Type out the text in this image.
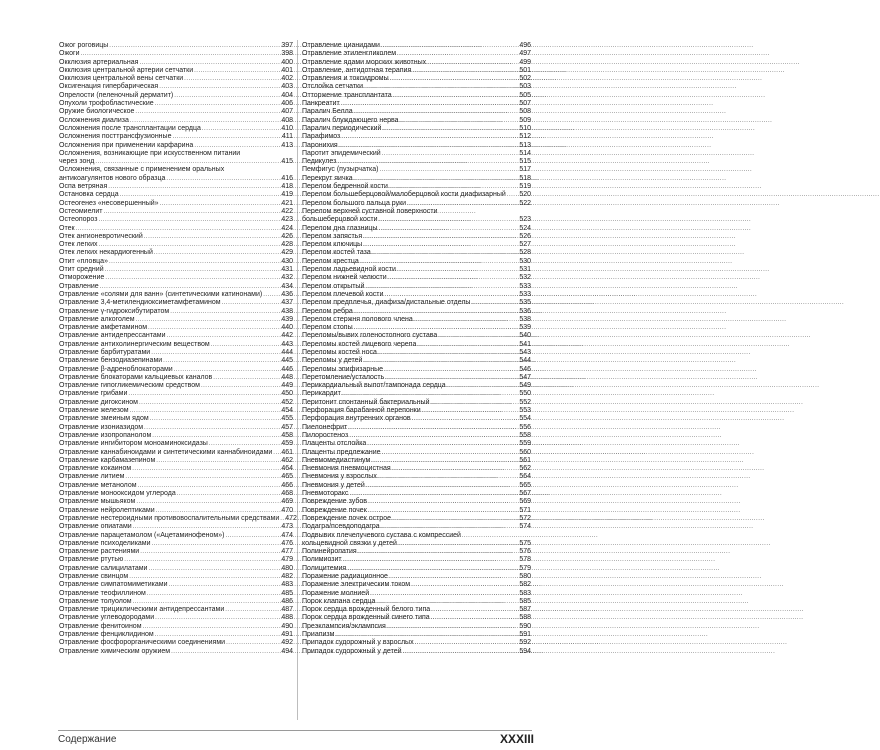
Ожог роговицы .....	397
Ожоги .....	398
Окклюзия артериальная .....	400
Окклюзия центральной артерии сетчатки .....	401
Окклюзия центральной вены сетчатки .....	402
Оксигенация гипербарическая .....	403
Опрелости (пеленочный дерматит) .....	404
Опухоли трофобластические .....	406
Оружие биологическое .....	407
Осложнения диализа .....	408
Осложнения после трансплантации сердца .....	410
Осложнения посттрансфузионные .....	411
Осложнения при применении карфарина .....	413
Осложнения, возникающие при искусственном питании
через зонд .....	415
Осложнения, связанные с применением оральных
антикоагулянтов нового образца .....	416
Оспа ветряная .....	418
Остановка сердца .....	419
Остеогенез «несовершенный» .....	421
Остеомиелит .....	422
Остеопороз .....	423
Отек .....	424
Отек ангионевротический .....	426
Отек легких .....	428
Отек легких некардиогенный .....	429
Отит «пловца» .....	430
Отит средний .....	431
Отморожение .....	432
Отравление .....	434
Отравление «солями для ванн» (синтетическими катинонами) .....	436
Отравление 3,4-метилендиоксиметамфетамином .....	437
Отравление γ-гидроксибутиратом .....	438
Отравление алкоголем .....	439
Отравление амфетамином .....	440
Отравление антидепрессантами .....	442
Отравление антихолинергическим веществом .....	443
Отравление барбитуратами .....	444
Отравление бензодиазепинами .....	445
Отравление β-адреноблокаторами .....	446
Отравление блокаторами кальциевых каналов .....	448
Отравление гипогликемическим средством .....	449
Отравление грибами .....	450
Отравление дигоксином .....	452
Отравление железом .....	454
Отравление змеиным ядом .....	455
Отравление изониазидом .....	457
Отравление изопропанолом .....	458
Отравление ингибитором моноаминоксидазы .....	459
Отравление каннабиноидами и синтетическими каннабиноидами ..... 461
Отравление карбамазепином .....	462
Отравление кокаином .....	464
Отравление литием .....	465
Отравление метанолом .....	466
Отравление монооксидом углерода .....	468
Отравление мышьяком .....	469
Отравление нейролептиками .....	470
Отравление нестероидными противовоспалительными средствами ..... 472
Отравление опиатами .....	473
Отравление парацетамолом («Ацетаминофеном») .....	474
Отравление психоделиками .....	476
Отравление растениями .....	477
Отравление ртутью .....	479
Отравление салицилатами .....	480
Отравление свинцом .....	482
Отравление симпатомиметиками .....	483
Отравление теофиллином .....	485
Отравление толуолом .....	486
Отравление трициклическими антидепрессантами .....	487
Отравление углеводородами .....	488
Отравление фенитоином .....	490
Отравление фенциклидином .....	491
Отравление фосфорорганическими соединениями .....	492
Отравление химическим оружием .....	494
Отравление цианидами .....	496
Отравление этиленгликолем .....	497
Отравление ядами морских животных .....	499
Отравление, антидотная терапия .....	501
Отравления и токсидромы .....	502
Отслойка сетчатки .....	503
Отторжение трансплантата .....	505
Панкреатит .....	507
Паралич Белла .....	508
Паралич блуждающего нерва .....	509
Паралич периодический .....	510
Парафимоз .....	512
Паронихия .....	513
Паротит эпидемический .....	514
Педикулез .....	515
Пемфигус (пузырчатка) .....	517
Перекрут яичка .....	518
Перелом бедренной кости .....	519
Перелом большеберцовой/малоберцовой кости диафизарный ..... 520
Перелом большого пальца руки .....	522
Перелом верхней суставной поверхности
большеберцовой кости .....	523
Перелом дна глазницы .....	524
Перелом запястья .....	526
Перелом ключицы .....	527
Перелом костей таза .....	528
Перелом крестца .....	530
Перелом ладьевидной кости .....	531
Перелом нижней челюсти .....	532
Перелом открытый .....	533
Перелом плечевой кости .....	533
Перелом предплечья, диафиза/дистальные отделы .....	535
Перелом ребра .....	536
Перелом стержня полового члена .....	538
Перелом стопы .....	539
Переломы/вывих голеностопного сустава .....	540
Переломы костей лицевого черепа .....	541
Переломы костей носа .....	543
Переломы у детей .....	544
Переломы эпифизарные .....	546
Перетомление/усталость .....	547
Перикардиальный выпот/тампонада сердца .....	549
Перикардит .....	550
Перитонит спонтанный бактериальный .....	552
Перфорация барабанной перепонки .....	553
Перфорация внутренних органов .....	554
Пиелонефрит .....	556
Пилоростеноз .....	558
Плаценты отслойка .....	559
Плаценты предлежание .....	560
Пневмомедиастинум .....	561
Пневмония пневмоцистная .....	562
Пневмония у взрослых .....	564
Пневмония у детей .....	565
Пневмоторакс .....	567
Повреждение зубов .....	569
Повреждение почек .....	571
Повреждение почек острое .....	572
Подагра/псевдоподагра .....	574
Подвывих плечелучевого сустава с компрессией
кольцевидной связки у детей .....	575
Полинейропатия .....	576
Полимиозит .....	578
Полицитемия .....	579
Поражение радиационное .....	580
Поражение электрическим током .....	582
Поражение молнией .....	583
Порок клапана сердца .....	585
Порок сердца врожденный белого типа .....	587
Порок сердца врожденный синего типа .....	588
Преэклампсия/эклампсия .....	590
Приапизм .....	591
Припадок судорожный у взрослых .....	592
Припадок судорожный у детей .....	594
Содержание	XXXIII
